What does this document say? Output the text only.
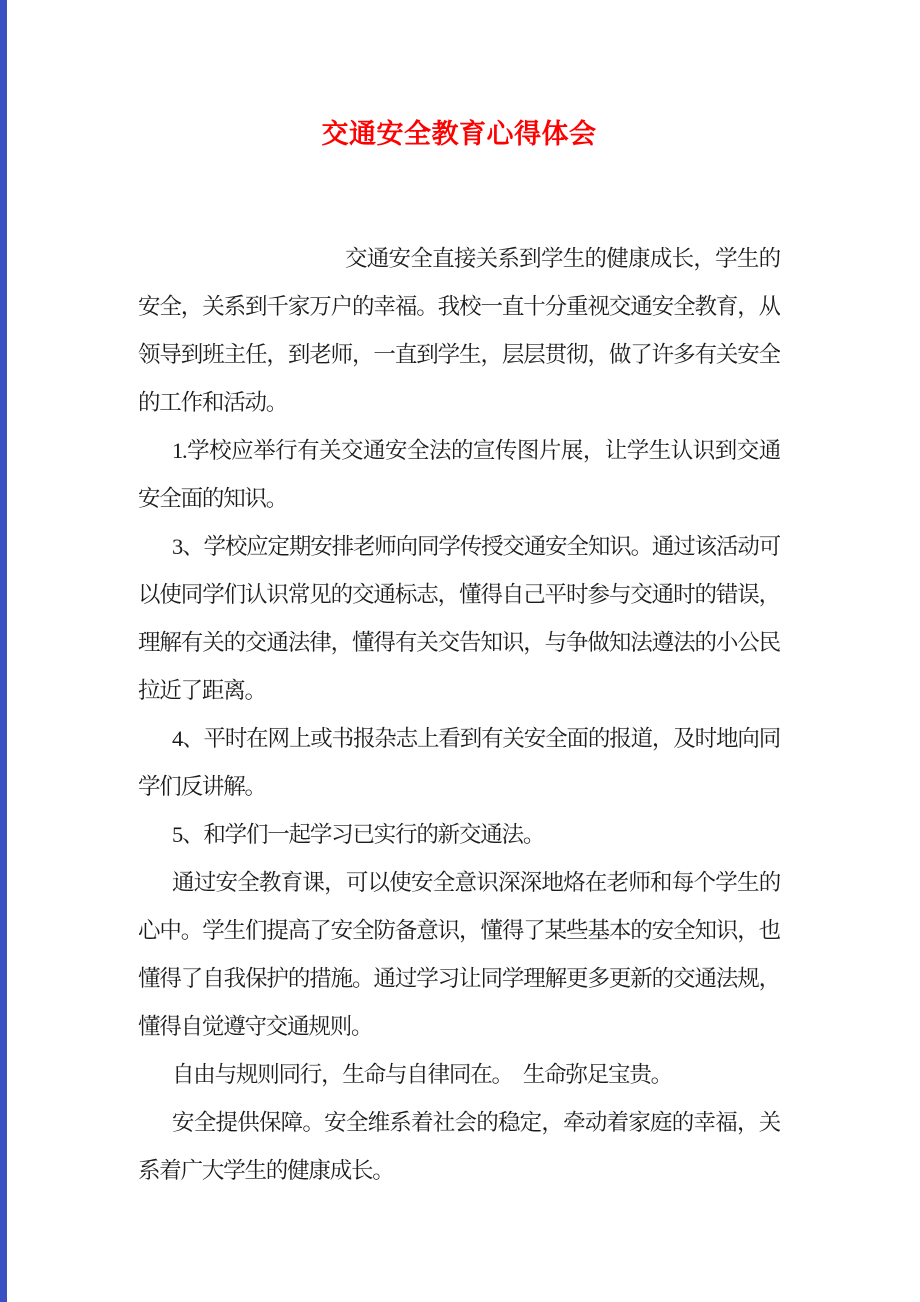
交通安全教育心得体会
交通安全直接关系到学生的健康成长，学生的
安全，关系到千家万户的幸福。我校一直十分重视交通安全教育，从
领导到班主任，到老师，一直到学生，层层贯彻，做了许多有关安全
的工作和活动。
1.学校应举行有关交通安全法的宣传图片展，让学生认识到交通
安全面的知识。
3、学校应定期安排老师向同学传授交通安全知识。通过该活动可
以使同学们认识常见的交通标志，懂得自己平时参与交通时的错误，
理解有关的交通法律，懂得有关交告知识，与争做知法遵法的小公民
拉近了距离。
4、平时在网上或书报杂志上看到有关安全面的报道，及时地向同
学们反讲解。
5、和学们一起学习已实行的新交通法。
通过安全教育课，可以使安全意识深深地烙在老师和每个学生的
心中。学生们提高了安全防备意识，懂得了某些基本的安全知识，也
懂得了自我保护的措施。通过学习让同学理解更多更新的交通法规，
懂得自觉遵守交通规则。
自由与规则同行，生命与自律同在。　生命弥足宝贵。
安全提供保障。安全维系着社会的稳定，牵动着家庭的幸福，关
系着广大学生的健康成长。
